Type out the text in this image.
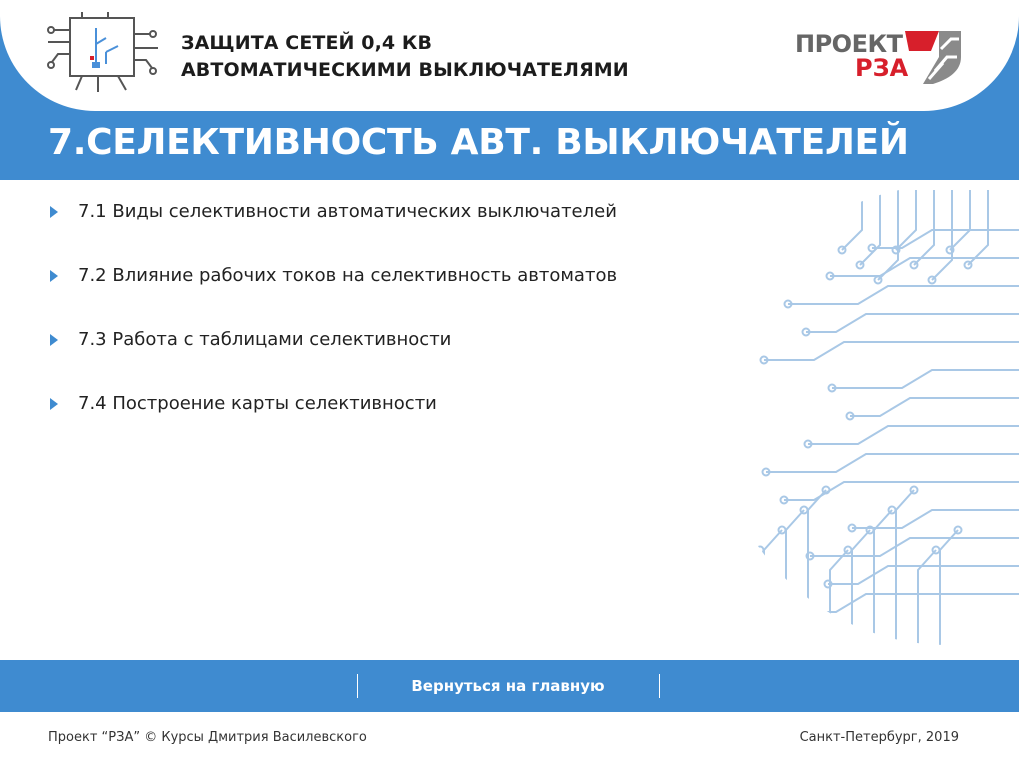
ЗАЩИТА СЕТЕЙ 0,4 КВ
АВТОМАТИЧЕСКИМИ ВЫКЛЮЧАТЕЛЯМИ
ПРОЕКТ
РЗА
7.СЕЛЕКТИВНОСТЬ АВТ. ВЫКЛЮЧАТЕЛЕЙ
7.1 Виды селективности автоматических выключателей
7.2 Влияние рабочих токов на селективность автоматов
7.3 Работа с таблицами селективности
7.4 Построение карты селективности
Вернуться на главную
Проект “РЗА” © Курсы Дмитрия Василевского	Санкт-Петербург, 2019
